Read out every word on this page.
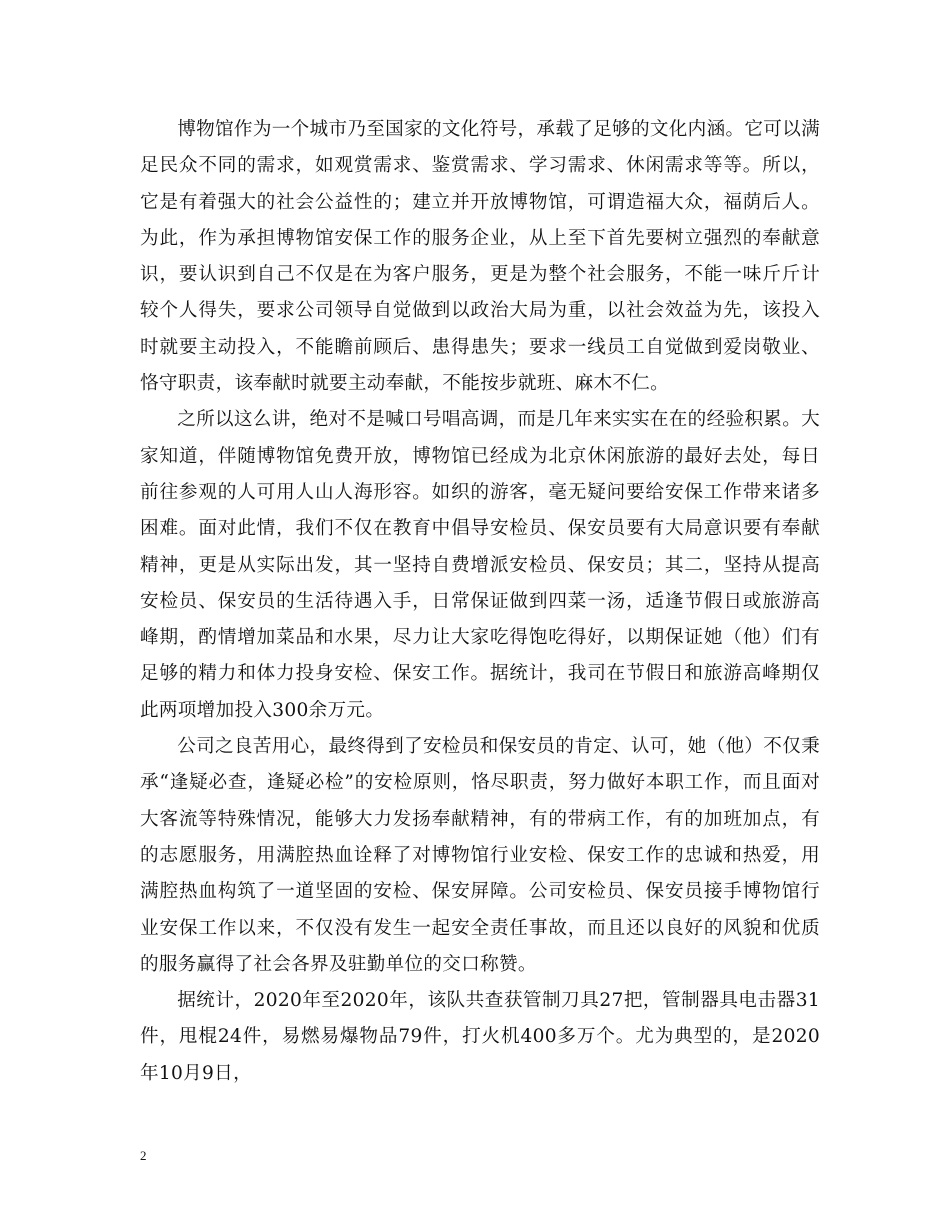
博物馆作为一个城市乃至国家的文化符号，承载了足够的文化内涵。它可以满足民众不同的需求，如观赏需求、鉴赏需求、学习需求、休闲需求等等。所以，它是有着强大的社会公益性的；建立并开放博物馆，可谓造福大众，福荫后人。为此，作为承担博物馆安保工作的服务企业，从上至下首先要树立强烈的奉献意识，要认识到自己不仅是在为客户服务，更是为整个社会服务，不能一味斤斤计较个人得失，要求公司领导自觉做到以政治大局为重，以社会效益为先，该投入时就要主动投入，不能瞻前顾后、患得患失；要求一线员工自觉做到爱岗敬业、恪守职责，该奉献时就要主动奉献，不能按步就班、麻木不仁。

之所以这么讲，绝对不是喊口号唱高调，而是几年来实实在在的经验积累。大家知道，伴随博物馆免费开放，博物馆已经成为北京休闲旅游的最好去处，每日前往参观的人可用人山人海形容。如织的游客，毫无疑问要给安保工作带来诸多困难。面对此情，我们不仅在教育中倡导安检员、保安员要有大局意识要有奉献精神，更是从实际出发，其一坚持自费增派安检员、保安员；其二，坚持从提高安检员、保安员的生活待遇入手，日常保证做到四菜一汤，适逢节假日或旅游高峰期，酌情增加菜品和水果，尽力让大家吃得饱吃得好，以期保证她（他）们有足够的精力和体力投身安检、保安工作。据统计，我司在节假日和旅游高峰期仅此两项增加投入300余万元。

公司之良苦用心，最终得到了安检员和保安员的肯定、认可，她（他）不仅秉承“逢疑必查，逢疑必检”的安检原则，恪尽职责，努力做好本职工作，而且面对大客流等特殊情况，能够大力发扬奉献精神，有的带病工作，有的加班加点，有的志愿服务，用满腔热血诠释了对博物馆行业安检、保安工作的忠诚和热爱，用满腔热血构筑了一道坚固的安检、保安屏障。公司安检员、保安员接手博物馆行业安保工作以来，不仅没有发生一起安全责任事故，而且还以良好的风貌和优质的服务赢得了社会各界及驻勤单位的交口称赞。

据统计，2020年至2020年，该队共查获管制刀具27把，管制器具电击器31件，甩棍24件，易燃易爆物品79件，打火机400多万个。尤为典型的，是2020年10月9日，

2
